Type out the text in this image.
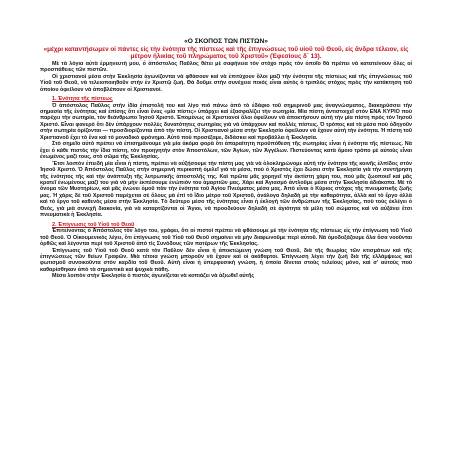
«Ο ΣΚΟΠΟΣ ΤΩΝ ΠΙΣΤΩΝ»
«μέχρι καταντήσωμεν οἱ πάντες εἰς τὴν ἑνότητα τῆς πίστεως καὶ τῆς ἐπιγνώσεως τοῦ υἱοῦ τοῦ Θεοῦ, εἰς ἄνδρα τέλειον, εἰς μέτρον ἡλικίας τοῦ πληρώματος τοῦ Χριστοῦ» (Ἐφεσίους δ΄ 13).

Μὲ τὰ λόγια αὐτὰ ἐρμηνευτὴ μου, ὁ ἀπόστολος Παῦλος θέτει μὲ σαφήνεια τὸν στόχο πρὸς τὸν ὁποῖο θὰ πρέπει νὰ κατατείνουν ὅλες οἱ προσπάθειες τῶν πιστῶν.

Οἱ χριστιανοὶ μέσα στὴν Ἐκκλησία ἀγωνίζονται νὰ φθάσουν καὶ νὰ ἐπιτύχουν ὅλοι μαζὶ τὴν ἑνότητα τῆς πίστεως καὶ τῆς ἐπιγνώσεως τοῦ Υἱοῦ τοῦ Θεοῦ, νὰ τελειοποιηθοῦν στὴν ἐν Χριστῷ ζωή. Θὰ δοῦμε στὴν συνέχεια ποιὸς εἶναι αὐτὸς ὁ τριπλὸς στόχος πρὸς τὴν κατάκτηση τοῦ ὁποίου ὀφείλουν νὰ ἀποβλέπουν οἱ Χριστιανοί.

1. Ἑνότητα τῆς πίστεως

Ὁ ἀπόστολος Παῦλος στὴν ἰδία ἐπιστολὴ του καὶ λίγο πιὸ πάνω ἀπὸ τὸ ἐδάφιο τοῦ σημερινοῦ μας ἀναγνώσματος, διακηρύσσει τὴν σημασία τῆς ἑνότητας καὶ ἐπίσης ὅτι εἶναι ἕνας «μία πίστις» ὑπάρχει καὶ ἐξασφαλίζει τὴν σωτηρία. Μία πίστη ἀντιστοιχεῖ στὸν ΕΝΑ ΚΥΡΙΟ ποὺ παρέχει τὴν σωτηρία, τὸν θεάνθρωπο Ἰησοῦ Χριστό. Ἑπομένως οἱ Χριστιανοὶ ὅλοι ὀφείλουν νὰ ἀποκτήσουν αὐτὴ τὴν μία πίστη πρὸς τὸν Ἰησοῦ Χριστό. Εἶναι φανερὸ ὅτι δὲν ὑπάρχουν πολλὲς δυνατότητες σωτηρίας γιὰ νὰ ὑπάρχουν καὶ πολλὲς πίστεις. Ὁ τρόπος καὶ τὰ μέσα ποὺ ὁδηγοῦν στὴν σωτηρία ὁρίζονται — προσδιορίζονται ἀπὸ τὴν πίστη. Οἱ Χριστιανοὶ μέσα στὴν Ἐκκλησία ὀφείλουν νὰ ἔχουν αὐτὴ τὴν ἑνότητα. Ἡ πίστη τοῦ Χριστιανοῦ ἔχει τὸ ἕνα καὶ τὸ μοναδικὸ φρόνημα. Αὐτὸ ποὺ προσέξαμε, διδάσκει καὶ προβάλλει ἡ Ἐκκλησία.

Στὸ σημεῖο αὐτὸ πρέπει νὰ ἐπισημάνουμε γιὰ μία ἀκόμα φορὰ ὅτι ἀπαραίτητη προϋπόθεση τῆς σωτηρίας εἶναι ἡ ἑνότητα τῆς πίστεως. Νὰ ἔχει ὁ κάθε πιστὸς τὴν ἴδια πίστη, τὸν προηγητὴν στὸν Ἀποστόλων, τῶν Ἁγίων, τῶν Ἀγγέλων. Πιστεύοντας κατὰ ὅμοιο τρόπο μὲ αὐτοὺς εἶναι ἑνωμένος μαζὶ τους, στὸ σῶμα τῆς Ἐκκλησίας.

Ἔτσι λοιπὸν ἐπειδὴ μία εἶναι ἡ πίστη, πρέπει νὰ αὐξήσουμε τὴν πίστη μας γιὰ νὰ ὁλοκληρώνομε αὐτὴ τὴν ἑνότητα τῆς κοινῆς ἐλπίδος στὸν Ἰησοῦ Χριστό. Ὁ Ἀπόστολος Παῦλος στὴν σημερινὴ περικοπὴ ὁμιλεῖ γιὰ τὰ μέσα, ποὺ ὁ Χριστὸς ἔχει δώσει στὴν Ἐκκλησία γιὰ τὴν συντήρηση τῆς ἑνότητος τῆς καὶ τὴν ἀνάπτυξη τῆς λυτρωτικῆς ἀποστολῆς της. Καὶ πρῶτα μᾶς χορηγεῖ τὴν ἀκτίστη χάρη του, ποὺ μᾶς ζωοποιεῖ καὶ μᾶς κρατεῖ ἑνωμένους μαζί του γιὰ νὰ μὴν ἐκπέσουμε ἐνώπιόν του ἁμαρτιῶν μας. Χάρι καὶ Ἁγιασμὸ ἀντλοῦμε μέσα στὴν Ἐκκλησία ἀδιάκοπα. Μὲ τὸ ὄνομα τῶν Μυστηρίων, καὶ μᾶς ἐνώνει ὁμοῦ πὰν τὴν ἑνότητα τοῦ Ἁγίου Πνεύματος μέσα μας. Ἀπὸ εἶναι ὁ Κύριος στόχος τῆς πνευματικῆς ζωῆς μας. Ἡ χάρις δὲ τοῦ Χριστοῦ παρέχεται σὲ ὅλους μὰ ἐπὶ τὸ ἴδιο μέτρο τοῦ Χριστοῦ, ἀνάλογα δηλαδὴ μὲ τὴν καθαρότητα, ἀλλὰ καὶ τὸ ἔργο ἀλλὰ καὶ τὸ ἔργο τοῦ καθενὸς μέσα στὴν Ἐκκλησία. Τὸ δεύτερο μέσο τῆς ἑνότητας εἶναι ἡ ἐκλογὴ τῶν ἀνθρώπων τῆς Ἐκκλησίας, ποὺ τοὺς ἐκλέγει ὁ Θεός, γιὰ μιὰ συνεχῆ διακονία, γιὰ νὰ καταρτίζονται οἱ Ἅγιοι, νὰ προοδεύουν δηλαδὴ σὲ ἀγιότητα τὰ μέλη τοῦ σώματος καὶ νὰ αὐξάνει ἔτσι πνευματικὰ ἡ Ἐκκλησία.

2. Ἐπίγνωσις τοῦ Υἱοῦ τοῦ Θεοῦ

Ἐπιτείνοντας ὁ Ἀπόστολος τὸν λόγο του, γράφει, ὅτι οἱ πιστοὶ πρέπει νὰ φθάσουμε μὲ τὴν ἑνότητα τῆς πίστεως εἰς τὴν ἐπίγνωση τοῦ Υἱοῦ τοῦ Θεοῦ. Ὁ Οἰκουμενικὸς λέγει, ὅτι ἐπίγνωσις τοῦ Υἱοῦ τοῦ Θεοῦ σημαίνει νὰ μὴν διαφωνοῦμε περὶ αὐτοῦ. Νὰ ὁμοδοξάζουμε ὅλα ὅσα νοοῦνται ὀρθῶς καὶ λέγονται περὶ τοῦ Χριστοῦ ἀπὸ τὶς Συνόδους τῶν πατέρων τῆς Ἐκκλησίας.

Ἐπίγνωσις τοῦ Υἱοῦ τοῦ Θεοῦ κατὰ τὸν Παῦλον δὲν εἶναι ἡ ἀποκτώμενη γνώση τοῦ Θεοῦ, διὰ τῆς θεωρίας τῶν κτισμάτων καὶ τῆς ἐπιγνώσεως τῶν θείων Γραφῶν. Μιὰ τέτοια γνώση μποροῦν νὰ ἔχουν καὶ οἱ ἀκάθαρτοι. Ἐπίγνωση λέγει τὴν ζωὴ διὰ τῆς ἐλλάμψεως καὶ φωτισμοῦ συνοικοῦντα στὸν καρδία τοῦ Θεοῦ. Αὐτὴ εἶναι ἡ ὑπερφυσικὴ γνώση, ἡ ὁποία δίνεται στοὺς τελείους μόνο, καὶ σ' αὐτοὺς ποὺ καθαρίσθηκαν ἀπὸ τὰ σημαντικὰ καὶ ψυχικὰ πάθη.

Μέσα λοιπὸν στὴν Ἐκκλησία ὁ πιστὸς ἀγωνίζεται νὰ κοπιάζει νὰ ἀξιωθεῖ αὐτῆς
